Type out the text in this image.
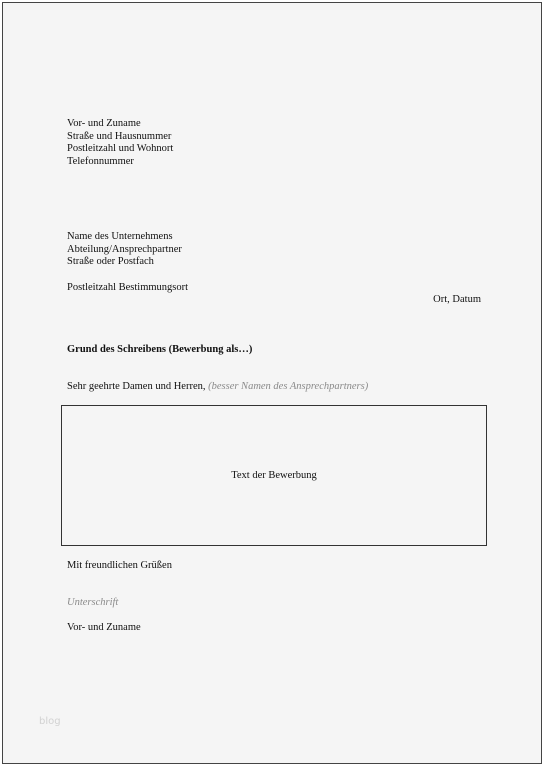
Vor- und Zuname
Straße und Hausnummer
Postleitzahl und Wohnort
Telefonnummer
Name des Unternehmens
Abteilung/Ansprechpartner
Straße oder Postfach
Postleitzahl Bestimmungsort
Ort, Datum
Grund des Schreibens (Bewerbung als…)
Sehr geehrte Damen und Herren, (besser Namen des Ansprechpartners)
Text der Bewerbung
Mit freundlichen Grüßen
Unterschrift
Vor- und Zuname
blog
